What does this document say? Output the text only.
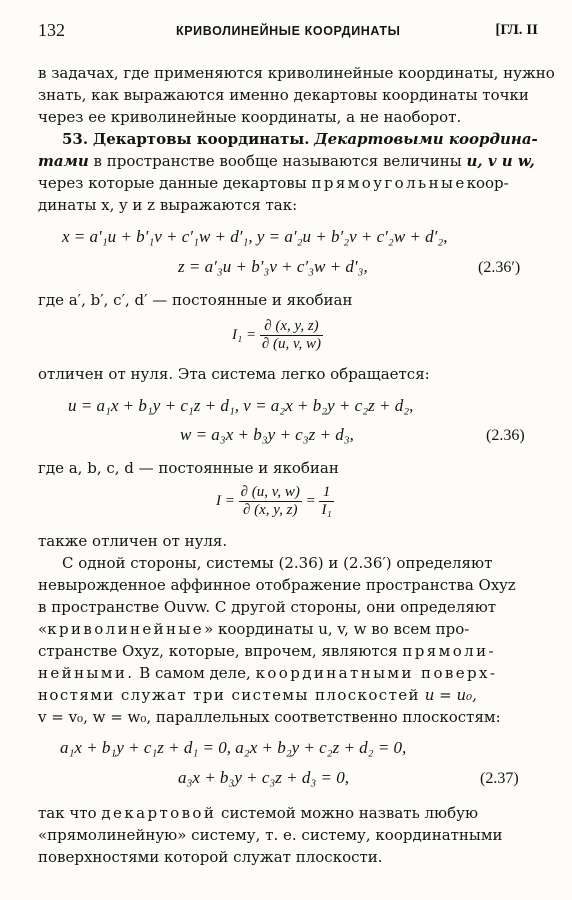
132	КРИВОЛИНЕЙНЫЕ КООРДИНАТЫ	[ГЛ. II
в задачах, где применяются криволинейные координаты, нужно
знать, как выражаются именно декартовы координаты точки
через ее криволинейные координаты, а не наоборот.
53. Декартовы координаты. Декартовыми координа-
тами в пространстве вообще называются величины u, v и w,
через которые данные декартовы прямоугольныекоор-
динаты x, y и z выражаются так:
x = a′₁u + b′₁v + c′₁w + d′₁, y = a′₂u + b′₂v + c′₂w + d′₂,
z = a′₃u + b′₃v + c′₃w + d′₃,	(2.36′)
где a′, b′, c′, d′ — постоянные и якобиан
$I_1 = \frac{\partial (x, y, z)}{\partial (u, v, w)}$
отличен от нуля. Эта система легко обращается:
u = a₁x + b₁y + c₁z + d₁, v = a₂x + b₂y + c₂z + d₂,
w = a₃x + b₃y + c₃z + d₃,	(2.36)
где a, b, c, d — постоянные и якобиан
$I = \frac{\partial (u, v, w)}{\partial (x, y, z)} = \frac{1}{\text{I₁}}$
также отличен от нуля.
С одной стороны, системы (2.36) и (2.36′) определяют
невырожденное аффинное отображение пространства Oxyz
в пространстве Ouvw. С другой стороны, они определяют
«криволинейные» координаты u, v, w во всем про-
странстве Oxyz, которые, впрочем, являются прямоли-
нейными. В самом деле, координатными поверх-
ностями служат три системы плоскостей u = u₀,
v = v₀, w = w₀, параллельных соответственно плоскостям:
a₁x + b₁y + c₁z + d₁ = 0, a₂x + b₂y + c₂z + d₂ = 0,
a₃x + b₃y + c₃z + d₃ = 0,	(2.37)
так что декартовой системой можно назвать любую
«прямолинейную» систему, т. е. систему, координатными
поверхностями которой служат плоскости.
